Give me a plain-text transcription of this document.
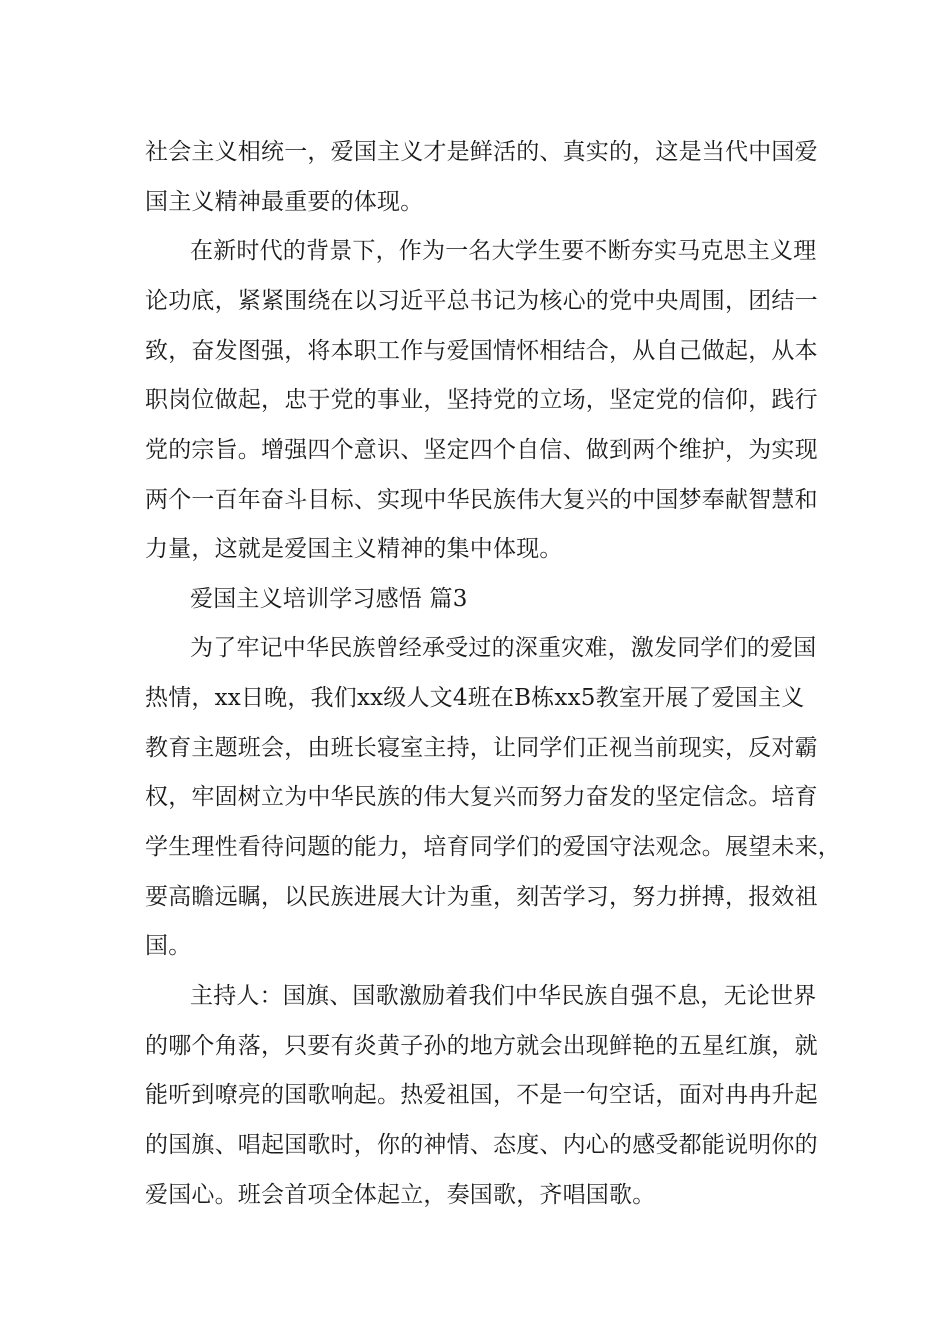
社会主义相统一，爱国主义才是鲜活的、真实的，这是当代中国爱
国主义精神最重要的体现。
在新时代的背景下，作为一名大学生要不断夯实马克思主义理
论功底，紧紧围绕在以习近平总书记为核心的党中央周围，团结一
致，奋发图强，将本职工作与爱国情怀相结合，从自己做起，从本
职岗位做起，忠于党的事业，坚持党的立场，坚定党的信仰，践行
党的宗旨。增强四个意识、坚定四个自信、做到两个维护，为实现
两个一百年奋斗目标、实现中华民族伟大复兴的中国梦奉献智慧和
力量，这就是爱国主义精神的集中体现。
爱国主义培训学习感悟 篇3
为了牢记中华民族曾经承受过的深重灾难，激发同学们的爱国
热情，xx日晚，我们xx级人文4班在B栋xx5教室开展了爱国主义
教育主题班会，由班长寝室主持，让同学们正视当前现实，反对霸
权，牢固树立为中华民族的伟大复兴而努力奋发的坚定信念。培育
学生理性看待问题的能力，培育同学们的爱国守法观念。展望未来，
要高瞻远瞩，以民族进展大计为重，刻苦学习，努力拼搏，报效祖
国。
主持人：国旗、国歌激励着我们中华民族自强不息，无论世界
的哪个角落，只要有炎黄子孙的地方就会出现鲜艳的五星红旗，就
能听到嘹亮的国歌响起。热爱祖国，不是一句空话，面对冉冉升起
的国旗、唱起国歌时，你的神情、态度、内心的感受都能说明你的
爱国心。班会首项全体起立，奏国歌，齐唱国歌。
